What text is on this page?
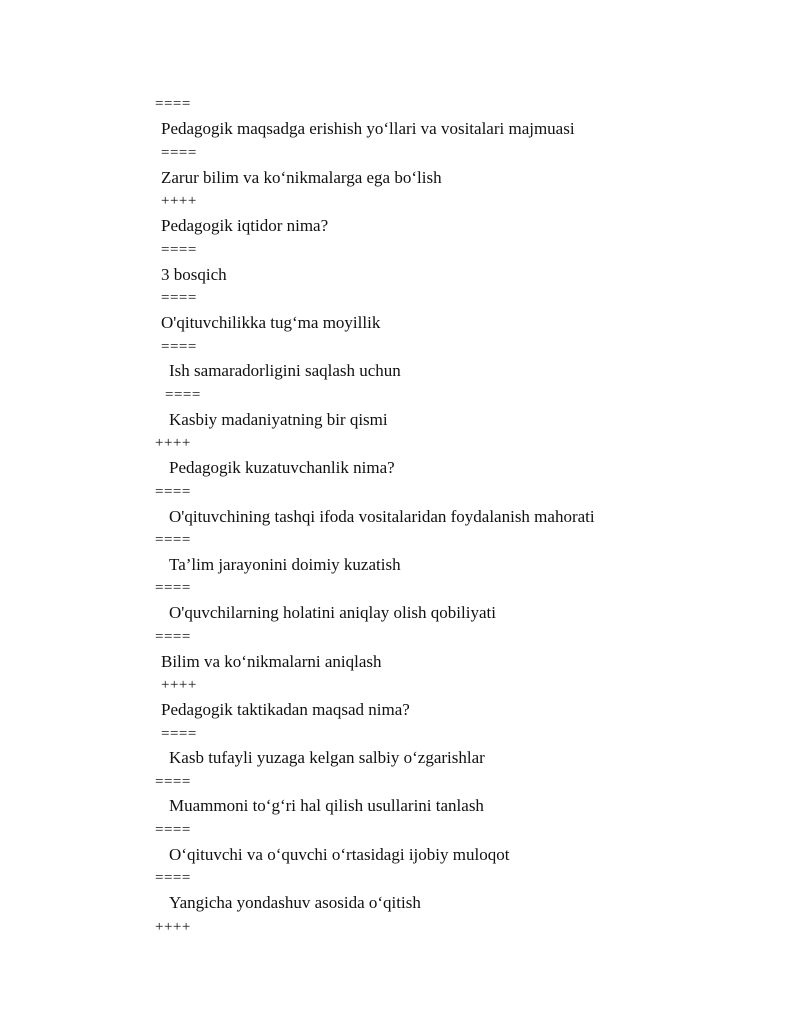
====
Pedagogik maqsadga erishish yo‘llari va vositalari majmuasi
====
Zarur bilim va ko‘nikmalarga ega bo‘lish
++++
Pedagogik iqtidor nima?
====
3 bosqich
====
O'qituvchilikka tug‘ma moyillik
====
Ish samaradorligini saqlash uchun
====
Kasbiy madaniyatning bir qismi
++++
Pedagogik kuzatuvchanlik nima?
====
O'qituvchining tashqi ifoda vositalaridan foydalanish mahorati
====
Ta’lim jarayonini doimiy kuzatish
====
O'quvchilarning holatini aniqlay olish qobiliyati
====
Bilim va ko‘nikmalarni aniqlash
++++
Pedagogik taktikadan maqsad nima?
====
Kasb tufayli yuzaga kelgan salbiy o‘zgarishlar
====
Muammoni to‘g‘ri hal qilish usullarini tanlash
====
O‘qituvchi va o‘quvchi o‘rtasidagi ijobiy muloqot
====
Yangicha yondashuv asosida o‘qitish
++++
